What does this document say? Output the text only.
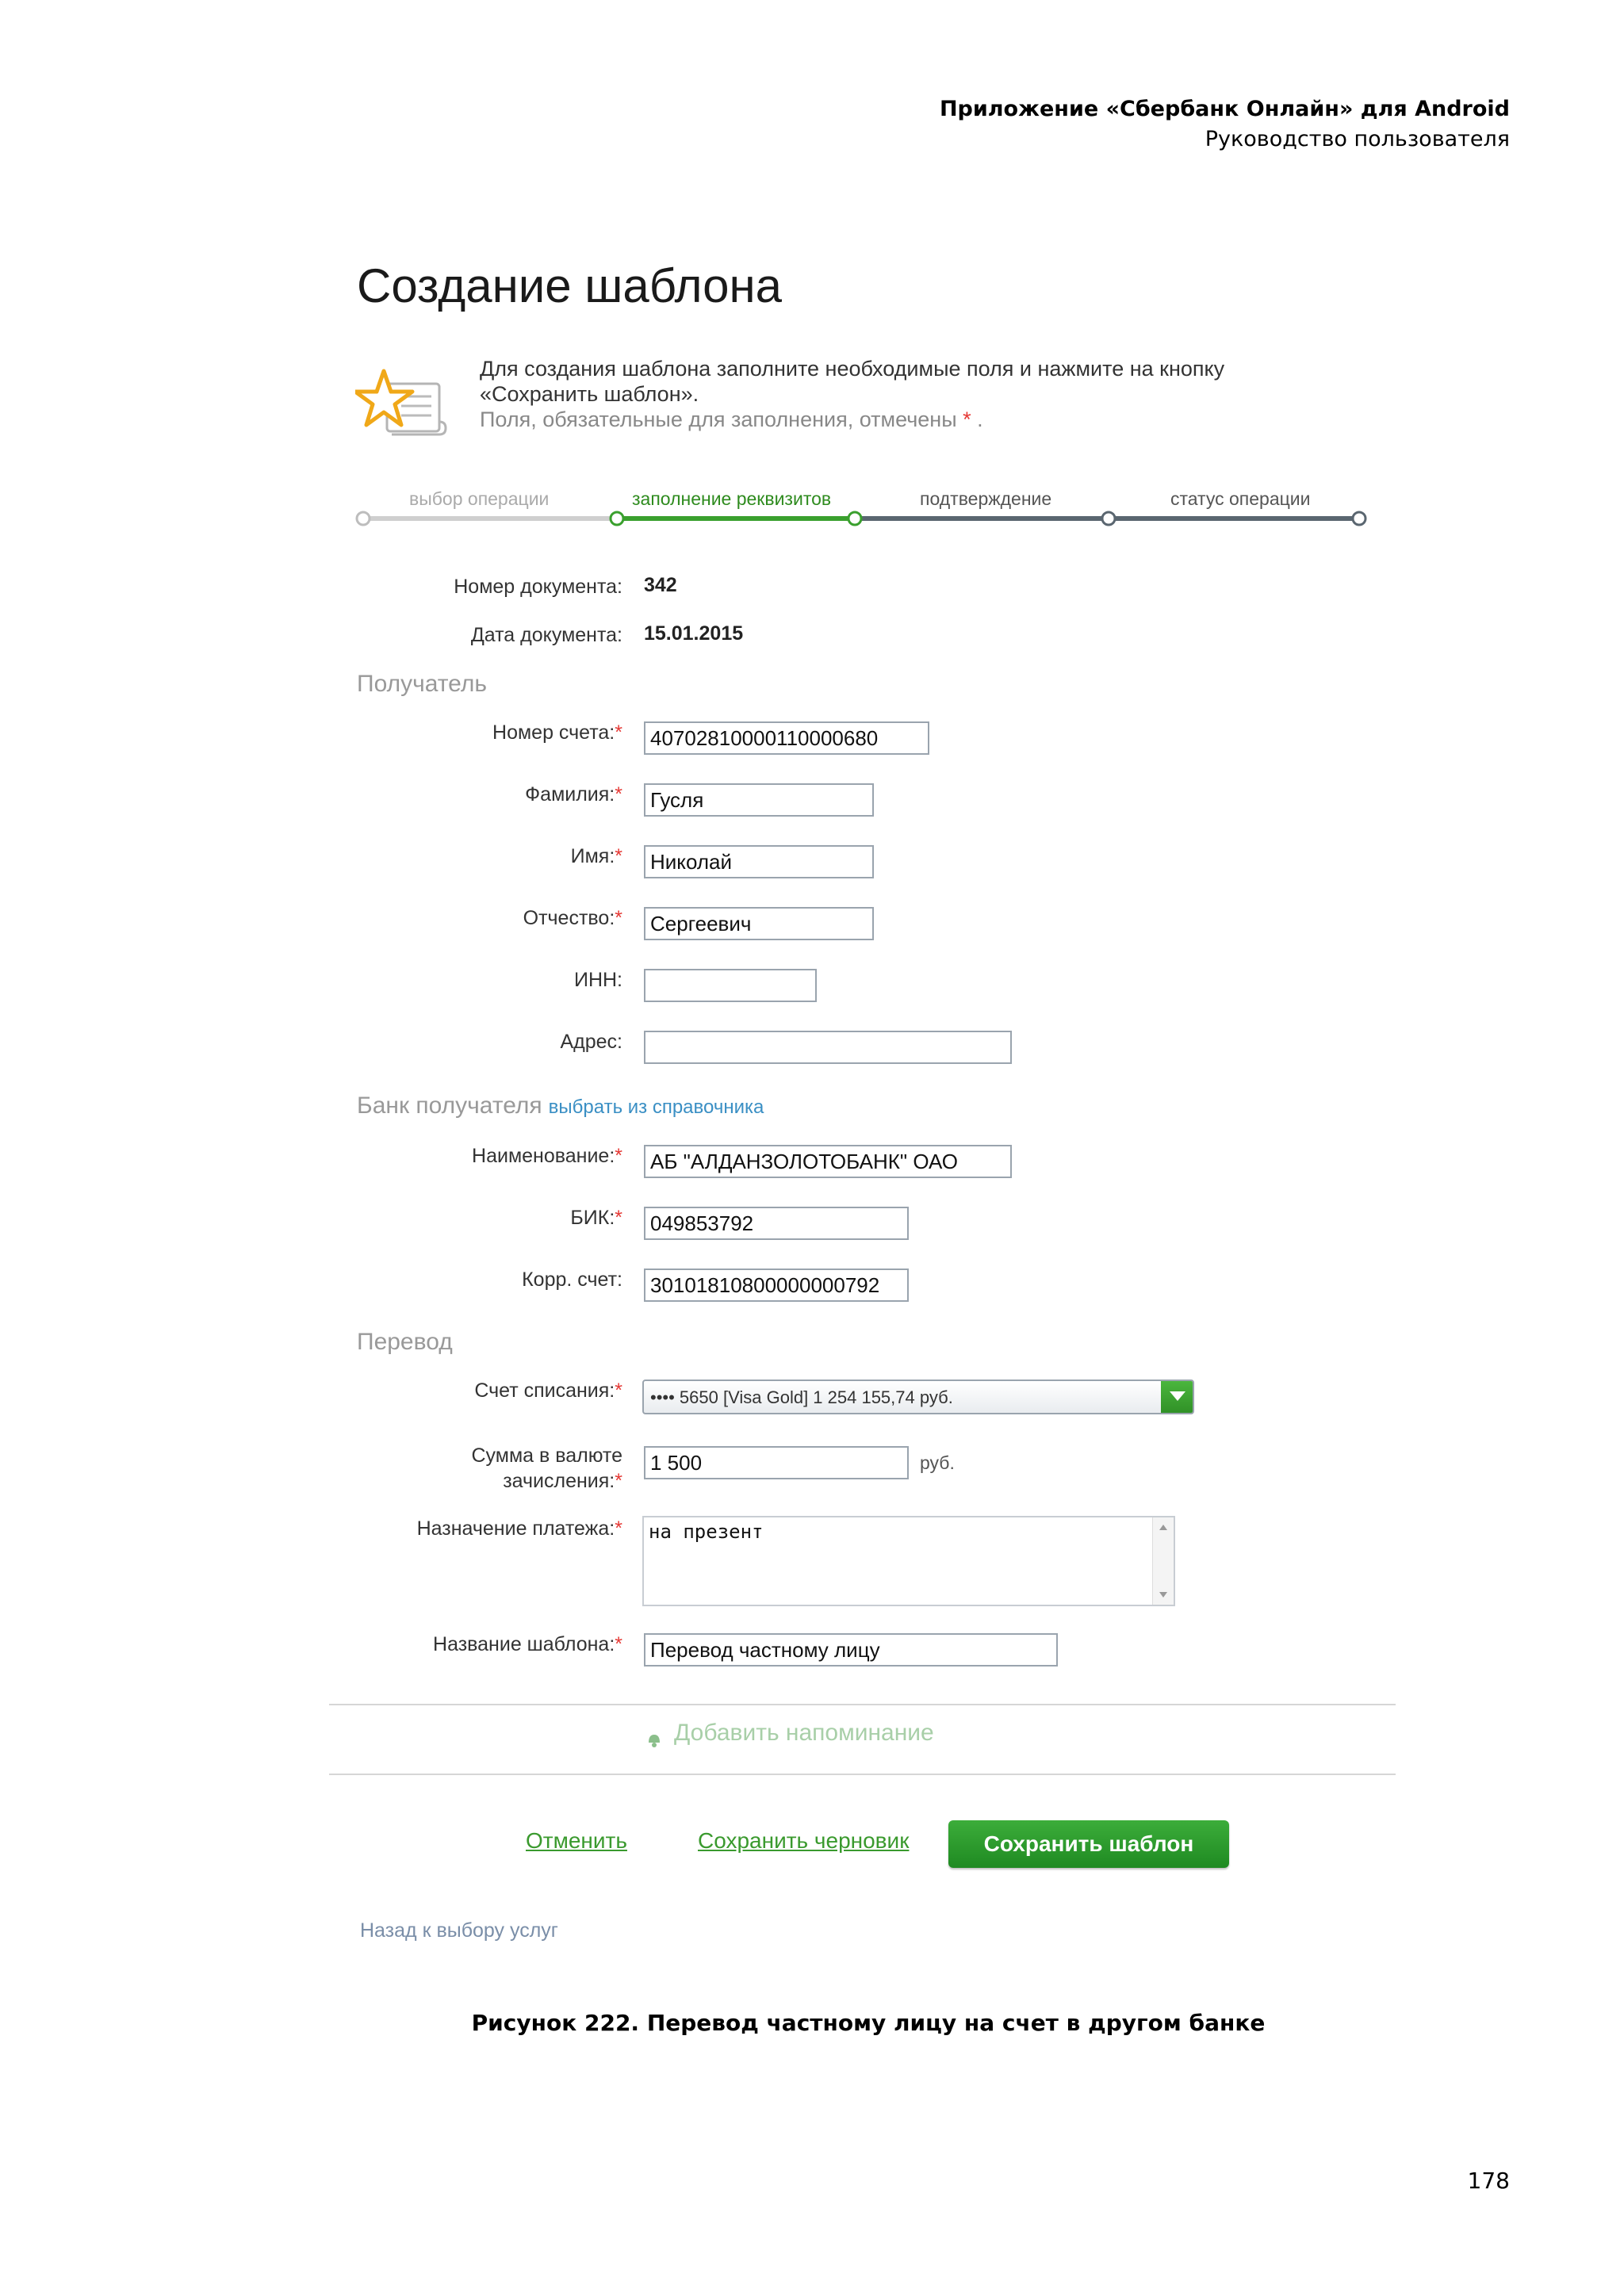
Приложение «Сбербанк Онлайн» для Android
Руководство пользователя
Создание шаблона
Для создания шаблона заполните необходимые поля и нажмите на кнопку
«Сохранить шаблон».
Поля, обязательные для заполнения, отмечены * .
выбор операции	заполнение реквизитов	подтверждение	статус операции
Номер документа: 342
Дата документа: 15.01.2015
Получатель
Номер счета:*	40702810000110000680
Фамилия:*	Гусля
Имя:*	Николай
Отчество:*	Сергеевич
ИНН:
Адрес:
Банк получателя выбрать из справочника
Наименование:*	АБ "АЛДАНЗОЛОТОБАНК" ОАО
БИК:*	049853792
Корр. счет:	30101810800000000792
Перевод
Счет списания:*	•••• 5650 [Visa Gold] 1 254 155,74 руб.
Сумма в валюте
зачисления:*
1 500	руб.
Назначение платежа:*	на презент
Название шаблона:*	Перевод частному лицу
Добавить напоминание
Отменить	Сохранить черновик	Сохранить шаблон
Назад к выбору услуг
Рисунок 222. Перевод частному лицу на счет в другом банке
178
